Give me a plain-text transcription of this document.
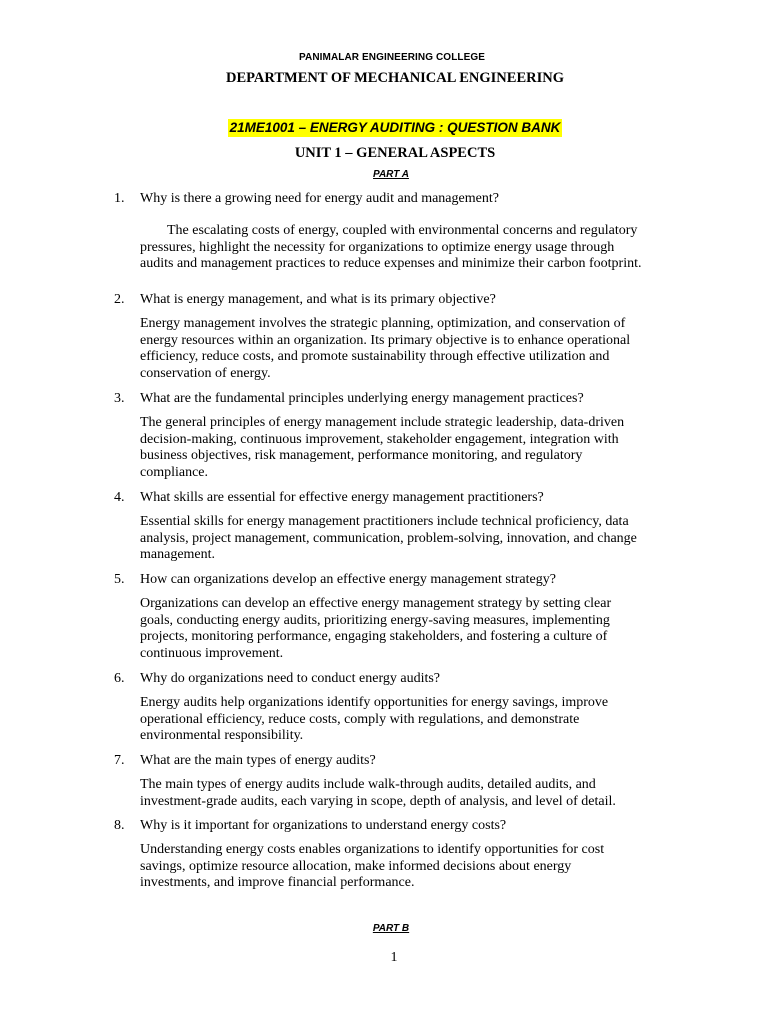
PANIMALAR ENGINEERING COLLEGE
DEPARTMENT OF MECHANICAL ENGINEERING
21ME1001 – ENERGY AUDITING : QUESTION BANK
UNIT 1 – GENERAL ASPECTS
PART A
1. Why is there a growing need for energy audit and management?
The escalating costs of energy, coupled with environmental concerns and regulatory
pressures, highlight the necessity for organizations to optimize energy usage through
audits and management practices to reduce expenses and minimize their carbon footprint.
2. What is energy management, and what is its primary objective?
Energy management involves the strategic planning, optimization, and conservation of
energy resources within an organization. Its primary objective is to enhance operational
efficiency, reduce costs, and promote sustainability through effective utilization and
conservation of energy.
3. What are the fundamental principles underlying energy management practices?
The general principles of energy management include strategic leadership, data-driven
decision-making, continuous improvement, stakeholder engagement, integration with
business objectives, risk management, performance monitoring, and regulatory
compliance.
4. What skills are essential for effective energy management practitioners?
Essential skills for energy management practitioners include technical proficiency, data
analysis, project management, communication, problem-solving, innovation, and change
management.
5. How can organizations develop an effective energy management strategy?
Organizations can develop an effective energy management strategy by setting clear
goals, conducting energy audits, prioritizing energy-saving measures, implementing
projects, monitoring performance, engaging stakeholders, and fostering a culture of
continuous improvement.
6. Why do organizations need to conduct energy audits?
Energy audits help organizations identify opportunities for energy savings, improve
operational efficiency, reduce costs, comply with regulations, and demonstrate
environmental responsibility.
7. What are the main types of energy audits?
The main types of energy audits include walk-through audits, detailed audits, and
investment-grade audits, each varying in scope, depth of analysis, and level of detail.
8. Why is it important for organizations to understand energy costs?
Understanding energy costs enables organizations to identify opportunities for cost
savings, optimize resource allocation, make informed decisions about energy
investments, and improve financial performance.
PART B
1
